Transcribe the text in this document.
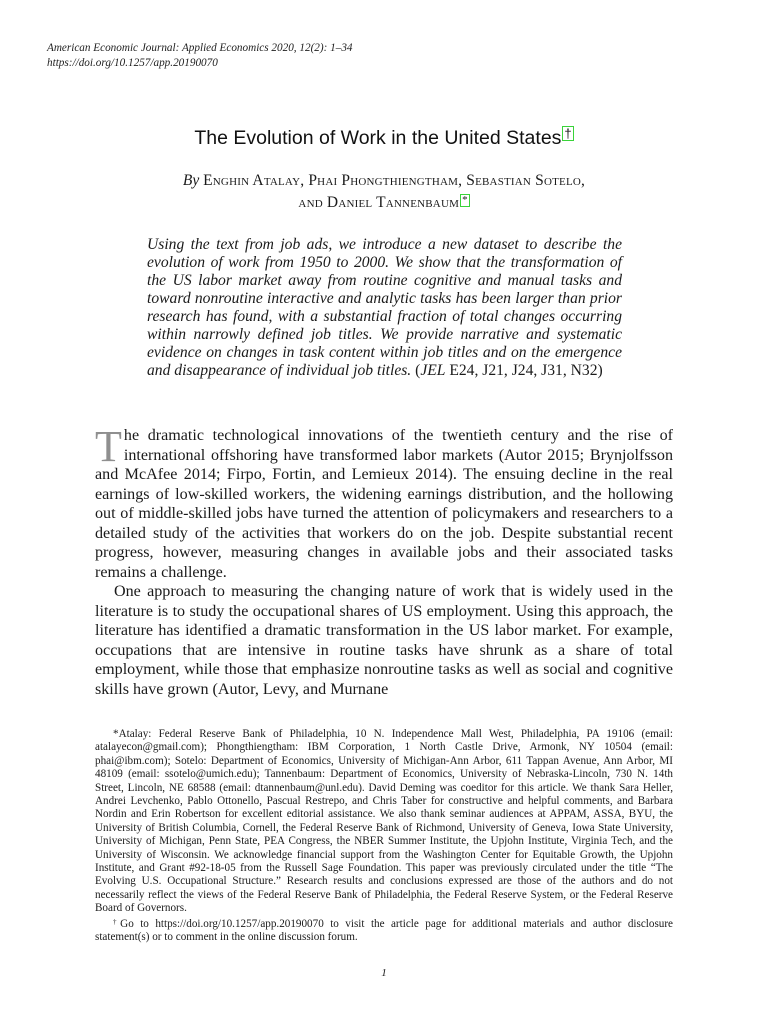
American Economic Journal: Applied Economics 2020, 12(2): 1–34
https://doi.org/10.1257/app.20190070
The Evolution of Work in the United States †
By Enghin Atalay, Phai Phongthiengtham, Sebastian Sotelo,
and Daniel Tannenbaum *
Using the text from job ads, we introduce a new dataset to describe the evolution of work from 1950 to 2000. We show that the transformation of the US labor market away from routine cognitive and manual tasks and toward nonroutine interactive and analytic tasks has been larger than prior research has found, with a substantial fraction of total changes occurring within narrowly defined job titles. We provide narrative and systematic evidence on changes in task content within job titles and on the emergence and disappearance of individual job titles. (JEL E24, J21, J24, J31, N32)

The dramatic technological innovations of the twentieth century and the rise of international offshoring have transformed labor markets (Autor 2015; Brynjolfsson and McAfee 2014; Firpo, Fortin, and Lemieux 2014). The ensuing decline in the real earnings of low-skilled workers, the widening earnings distribution, and the hollowing out of middle-skilled jobs have turned the attention of policymakers and researchers to a detailed study of the activities that workers do on the job. Despite substantial recent progress, however, measuring changes in available jobs and their associated tasks remains a challenge.

One approach to measuring the changing nature of work that is widely used in the literature is to study the occupational shares of US employment. Using this approach, the literature has identified a dramatic transformation in the US labor market. For example, occupations that are intensive in routine tasks have shrunk as a share of total employment, while those that emphasize nonroutine tasks as well as social and cognitive skills have grown (Autor, Levy, and Murnane

*Atalay: Federal Reserve Bank of Philadelphia, 10 N. Independence Mall West, Philadelphia, PA 19106 (email: atalayecon@gmail.com); Phongthiengtham: IBM Corporation, 1 North Castle Drive, Armonk, NY 10504 (email: phai@ibm.com); Sotelo: Department of Economics, University of Michigan-Ann Arbor, 611 Tappan Avenue, Ann Arbor, MI 48109 (email: ssotelo@umich.edu); Tannenbaum: Department of Economics, University of Nebraska-Lincoln, 730 N. 14th Street, Lincoln, NE 68588 (email: dtannenbaum@unl.edu). David Deming was coeditor for this article. We thank Sara Heller, Andrei Levchenko, Pablo Ottonello, Pascual Restrepo, and Chris Taber for constructive and helpful comments, and Barbara Nordin and Erin Robertson for excellent editorial assistance. We also thank seminar audiences at APPAM, ASSA, BYU, the University of British Columbia, Cornell, the Federal Reserve Bank of Richmond, University of Geneva, Iowa State University, University of Michigan, Penn State, PEA Congress, the NBER Summer Institute, the Upjohn Institute, Virginia Tech, and the University of Wisconsin. We acknowledge financial support from the Washington Center for Equitable Growth, the Upjohn Institute, and Grant #92-18-05 from the Russell Sage Foundation. This paper was previously circulated under the title “The Evolving U.S. Occupational Structure.” Research results and conclusions expressed are those of the authors and do not necessarily reflect the views of the Federal Reserve Bank of Philadelphia, the Federal Reserve System, or the Federal Reserve Board of Governors.

†Go to https://doi.org/10.1257/app.20190070 to visit the article page for additional materials and author disclosure statement(s) or to comment in the online discussion forum.

1
